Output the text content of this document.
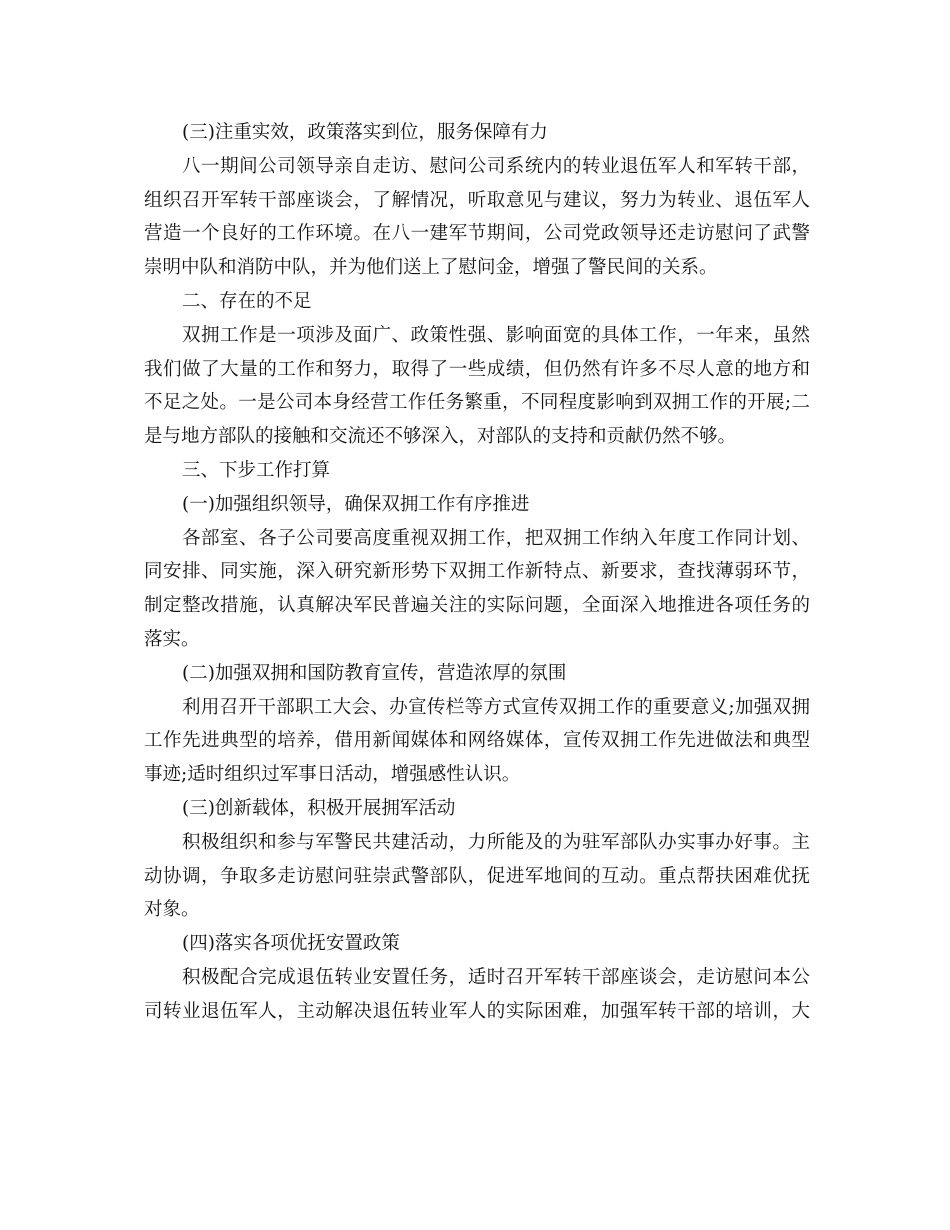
(三)注重实效，政策落实到位，服务保障有力
八一期间公司领导亲自走访、慰问公司系统内的转业退伍军人和军转干部，
组织召开军转干部座谈会，了解情况，听取意见与建议，努力为转业、退伍军人
营造一个良好的工作环境。在八一建军节期间，公司党政领导还走访慰问了武警
崇明中队和消防中队，并为他们送上了慰问金，增强了警民间的关系。
二、存在的不足
双拥工作是一项涉及面广、政策性强、影响面宽的具体工作，一年来，虽然
我们做了大量的工作和努力，取得了一些成绩，但仍然有许多不尽人意的地方和
不足之处。一是公司本身经营工作任务繁重，不同程度影响到双拥工作的开展;二
是与地方部队的接触和交流还不够深入，对部队的支持和贡献仍然不够。
三、下步工作打算
(一)加强组织领导，确保双拥工作有序推进
各部室、各子公司要高度重视双拥工作，把双拥工作纳入年度工作同计划、
同安排、同实施，深入研究新形势下双拥工作新特点、新要求，查找薄弱环节，
制定整改措施，认真解决军民普遍关注的实际问题，全面深入地推进各项任务的
落实。
(二)加强双拥和国防教育宣传，营造浓厚的氛围
利用召开干部职工大会、办宣传栏等方式宣传双拥工作的重要意义;加强双拥
工作先进典型的培养，借用新闻媒体和网络媒体，宣传双拥工作先进做法和典型
事迹;适时组织过军事日活动，增强感性认识。
(三)创新载体，积极开展拥军活动
积极组织和参与军警民共建活动，力所能及的为驻军部队办实事办好事。主
动协调，争取多走访慰问驻崇武警部队，促进军地间的互动。重点帮扶困难优抚
对象。
(四)落实各项优抚安置政策
积极配合完成退伍转业安置任务，适时召开军转干部座谈会，走访慰问本公
司转业退伍军人，主动解决退伍转业军人的实际困难，加强军转干部的培训，大
